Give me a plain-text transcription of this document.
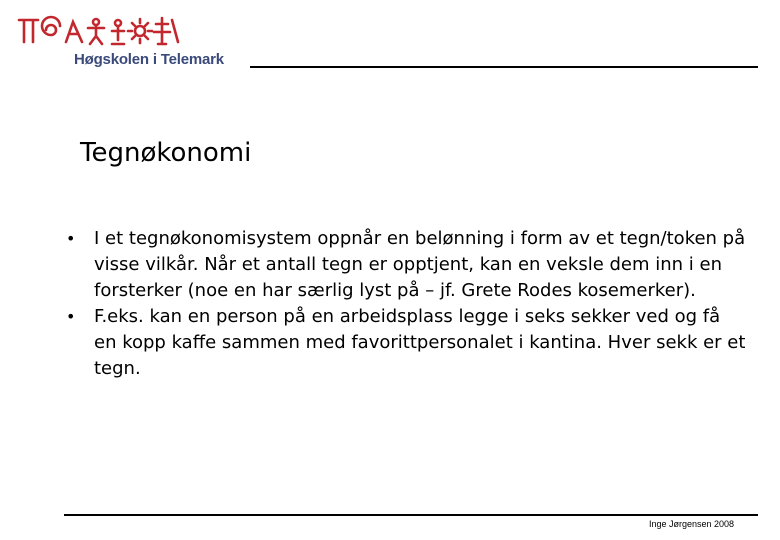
Høgskolen i Telemark
Tegnøkonomi
• I et tegnøkonomisystem oppnår en belønning i form av et tegn/token på visse vilkår. Når et antall tegn er opptjent, kan en veksle dem inn i en forsterker (noe en har særlig lyst på – jf. Grete Rodes kosemerker).
• F.eks. kan en person på en arbeidsplass legge i seks sekker ved og få en kopp kaffe sammen med favorittpersonalet i kantina. Hver sekk er et tegn.
Inge Jørgensen 2008
